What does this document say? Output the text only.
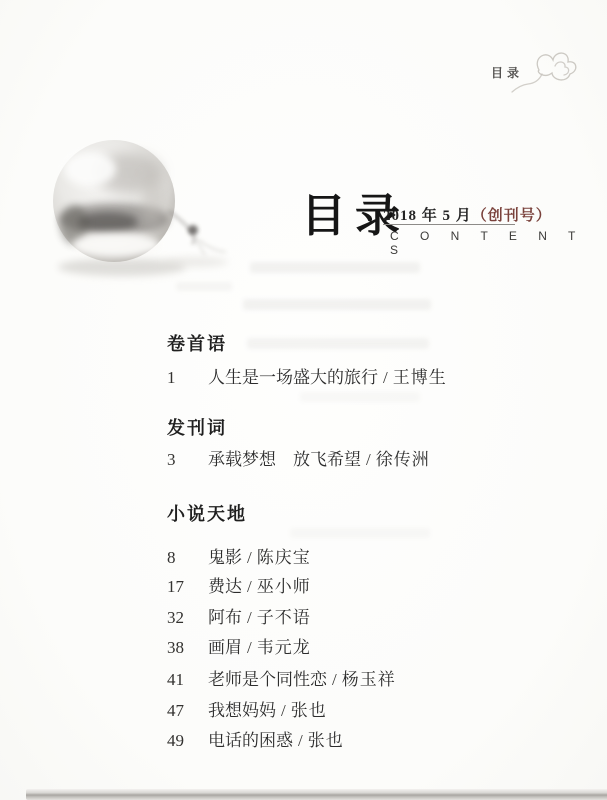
目录
目录
2018 年 5 月（创刊号）
C O N T E N T S
卷首语
1 人生是一场盛大的旅行 / 王博生
发刊词
3 承载梦想　放飞希望 / 徐传洲
小说天地
8 鬼影 / 陈庆宝
17 费达 / 巫小师
32 阿布 / 子不语
38 画眉 / 韦元龙
41 老师是个同性恋 / 杨玉祥
47 我想妈妈 / 张也
49 电话的困惑 / 张也
